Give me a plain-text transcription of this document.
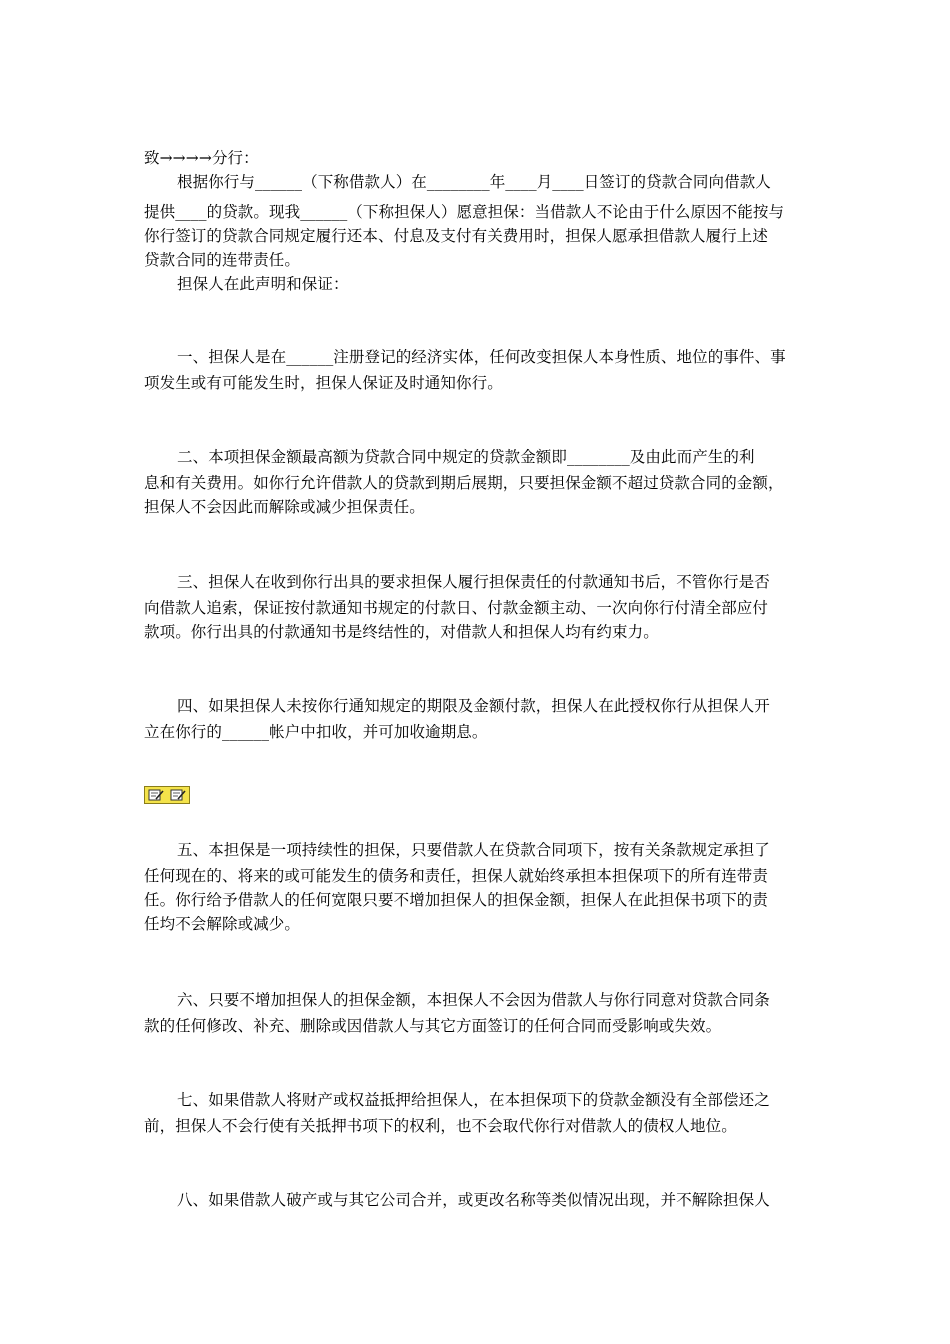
致→→→→分行：
根据你行与______（下称借款人）在________年____月____日签订的贷款合同向借款人
提供____的贷款。现我______（下称担保人）愿意担保：当借款人不论由于什么原因不能按与
你行签订的贷款合同规定履行还本、付息及支付有关费用时，担保人愿承担借款人履行上述
贷款合同的连带责任。
担保人在此声明和保证：
一、担保人是在______注册登记的经济实体，任何改变担保人本身性质、地位的事件、事
项发生或有可能发生时，担保人保证及时通知你行。
二、本项担保金额最高额为贷款合同中规定的贷款金额即________及由此而产生的利
息和有关费用。如你行允许借款人的贷款到期后展期，只要担保金额不超过贷款合同的金额，
担保人不会因此而解除或减少担保责任。
三、担保人在收到你行出具的要求担保人履行担保责任的付款通知书后，不管你行是否
向借款人追索，保证按付款通知书规定的付款日、付款金额主动、一次向你行付清全部应付
款项。你行出具的付款通知书是终结性的，对借款人和担保人均有约束力。
四、如果担保人未按你行通知规定的期限及金额付款，担保人在此授权你行从担保人开
立在你行的______帐户中扣收，并可加收逾期息。
五、本担保是一项持续性的担保，只要借款人在贷款合同项下，按有关条款规定承担了
任何现在的、将来的或可能发生的债务和责任，担保人就始终承担本担保项下的所有连带责
任。你行给予借款人的任何宽限只要不增加担保人的担保金额，担保人在此担保书项下的责
任均不会解除或减少。
六、只要不增加担保人的担保金额，本担保人不会因为借款人与你行同意对贷款合同条
款的任何修改、补充、删除或因借款人与其它方面签订的任何合同而受影响或失效。
七、如果借款人将财产或权益抵押给担保人，在本担保项下的贷款金额没有全部偿还之
前，担保人不会行使有关抵押书项下的权利，也不会取代你行对借款人的债权人地位。
八、如果借款人破产或与其它公司合并，或更改名称等类似情况出现，并不解除担保人
